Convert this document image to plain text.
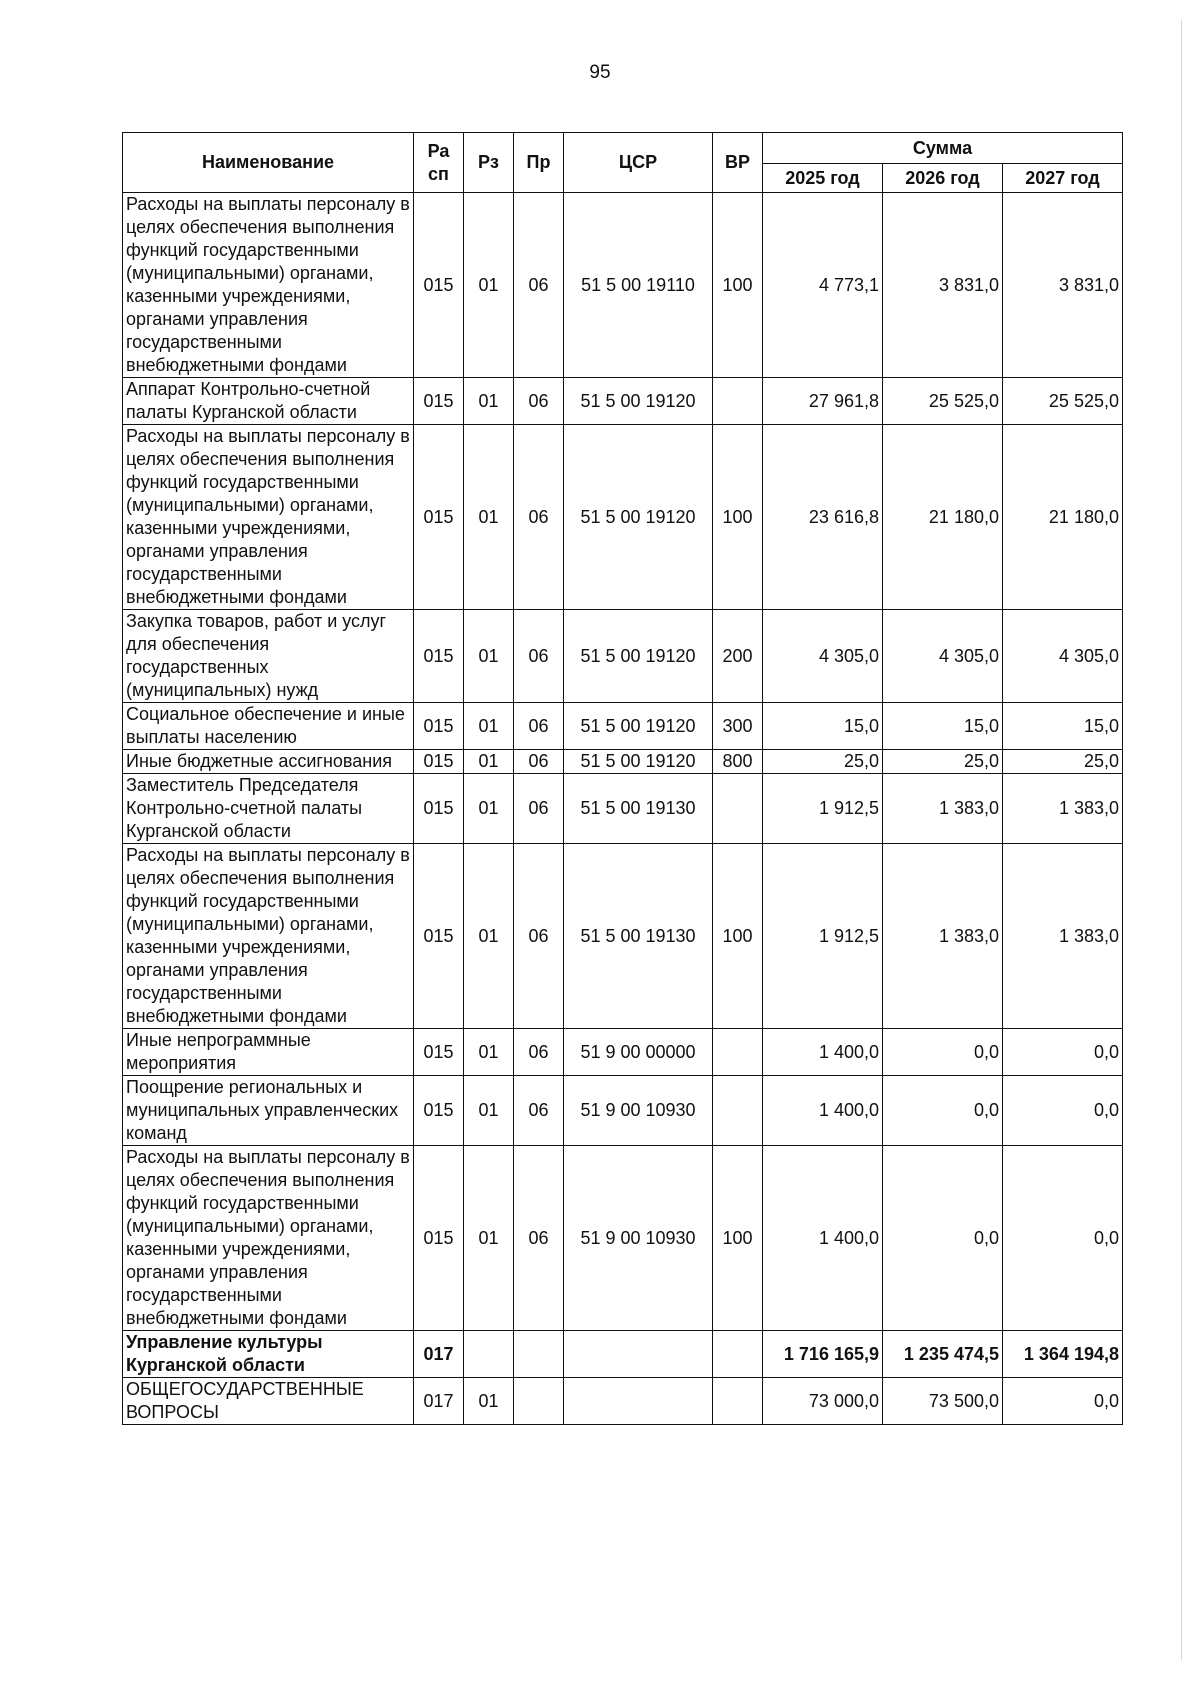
95
Наименование	Ра сп	Рз	Пр	ЦСР	ВР	Сумма		
						2025 год	2026 год	2027 год
Расходы на выплаты персоналу в целях обеспечения выполнения функций государственными (муниципальными) органами, казенными учреждениями, органами управления государственными внебюджетными фондами	015	01	06	51 5 00 19110	100	4 773,1	3 831,0	3 831,0
Аппарат Контрольно-счетной палаты Курганской области	015	01	06	51 5 00 19120		27 961,8	25 525,0	25 525,0
Расходы на выплаты персоналу в целях обеспечения выполнения функций государственными (муниципальными) органами, казенными учреждениями, органами управления государственными внебюджетными фондами	015	01	06	51 5 00 19120	100	23 616,8	21 180,0	21 180,0
Закупка товаров, работ и услуг для обеспечения государственных (муниципальных) нужд	015	01	06	51 5 00 19120	200	4 305,0	4 305,0	4 305,0
Социальное обеспечение и иные выплаты населению	015	01	06	51 5 00 19120	300	15,0	15,0	15,0
Иные бюджетные ассигнования	015	01	06	51 5 00 19120	800	25,0	25,0	25,0
Заместитель Председателя Контрольно-счетной палаты Курганской области	015	01	06	51 5 00 19130		1 912,5	1 383,0	1 383,0
Расходы на выплаты персоналу в целях обеспечения выполнения функций государственными (муниципальными) органами, казенными учреждениями, органами управления государственными внебюджетными фондами	015	01	06	51 5 00 19130	100	1 912,5	1 383,0	1 383,0
Иные непрограммные мероприятия	015	01	06	51 9 00 00000		1 400,0	0,0	0,0
Поощрение региональных и муниципальных управленческих команд	015	01	06	51 9 00 10930		1 400,0	0,0	0,0
Расходы на выплаты персоналу в целях обеспечения выполнения функций государственными (муниципальными) органами, казенными учреждениями, органами управления государственными внебюджетными фондами	015	01	06	51 9 00 10930	100	1 400,0	0,0	0,0
Управление культуры Курганской области	017					1 716 165,9	1 235 474,5	1 364 194,8
ОБЩЕГОСУДАРСТВЕННЫЕ ВОПРОСЫ	017	01				73 000,0	73 500,0	0,0
